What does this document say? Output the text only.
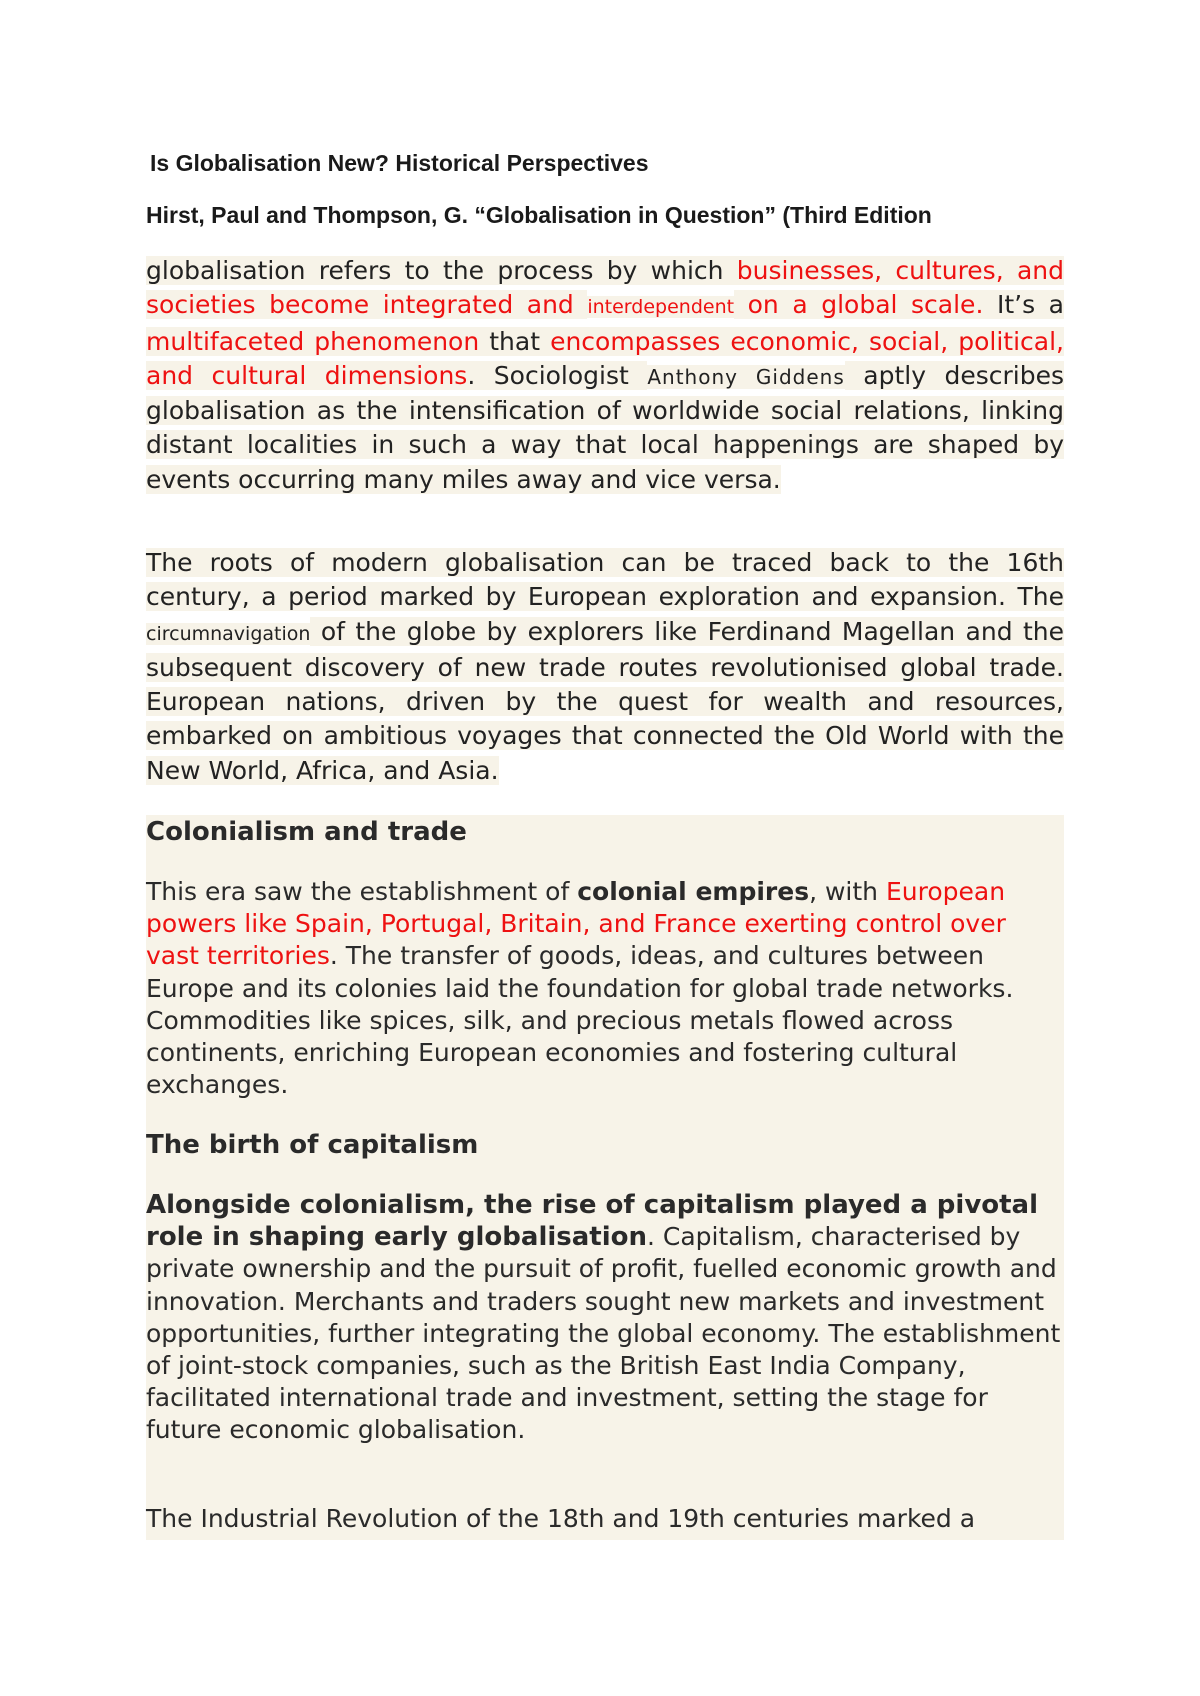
Is Globalisation New? Historical Perspectives
Hirst, Paul and Thompson, G. “Globalisation in Question” (Third Edition

globalisation refers to the process by which businesses, cultures, and societies become integrated and interdependent on a global scale. It’s a multifaceted phenomenon that encompasses economic, social, political, and cultural dimensions. Sociologist Anthony Giddens aptly describes globalisation as the intensification of worldwide social relations, linking distant localities in such a way that local happenings are shaped by events occurring many miles away and vice versa.

The roots of modern globalisation can be traced back to the 16th century, a period marked by European exploration and expansion. The circumnavigation of the globe by explorers like Ferdinand Magellan and the subsequent discovery of new trade routes revolutionised global trade. European nations, driven by the quest for wealth and resources, embarked on ambitious voyages that connected the Old World with the New World, Africa, and Asia.

Colonialism and trade

This era saw the establishment of colonial empires, with European powers like Spain, Portugal, Britain, and France exerting control over vast territories. The transfer of goods, ideas, and cultures between Europe and its colonies laid the foundation for global trade networks. Commodities like spices, silk, and precious metals flowed across continents, enriching European economies and fostering cultural exchanges.

The birth of capitalism

Alongside colonialism, the rise of capitalism played a pivotal role in shaping early globalisation. Capitalism, characterised by private ownership and the pursuit of profit, fuelled economic growth and innovation. Merchants and traders sought new markets and investment opportunities, further integrating the global economy. The establishment of joint-stock companies, such as the British East India Company, facilitated international trade and investment, setting the stage for future economic globalisation.

The Industrial Revolution of the 18th and 19th centuries marked a
